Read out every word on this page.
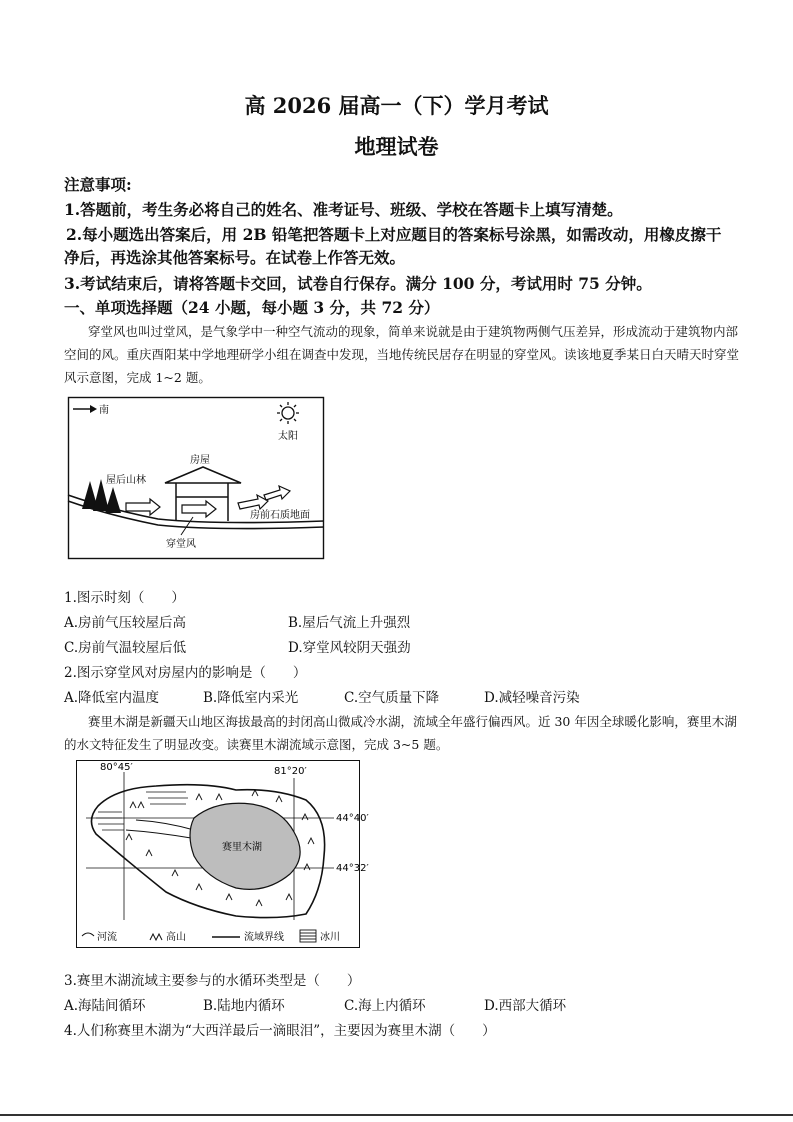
高 2026 届高一（下）学月考试
地理试卷
注意事项:
1.答题前，考生务必将自己的姓名、准考证号、班级、学校在答题卡上填写清楚。
2.每小题选出答案后，用 2B 铅笔把答题卡上对应题目的答案标号涂黑，如需改动，用橡皮擦干
净后，再选涂其他答案标号。在试卷上作答无效。
3.考试结束后，请将答题卡交回，试卷自行保存。满分 100 分，考试用时 75 分钟。
一、单项选择题（24 小题，每小题 3 分，共 72 分）
穿堂风也叫过堂风，是气象学中一种空气流动的现象，简单来说就是由于建筑物两侧气压差异，形成流动于建筑物内部空间的风。重庆酉阳某中学地理研学小组在调查中发现，当地传统民居存在明显的穿堂风。读该地夏季某日白天晴天时穿堂风示意图，完成 1~2 题。
南
太阳
屋后山林
房屋
房前石质地面
穿堂风
1.图示时刻（　　）
A.房前气压较屋后高	B.屋后气流上升强烈
C.房前气温较屋后低	D.穿堂风较阴天强劲
2.图示穿堂风对房屋内的影响是（　　）
A.降低室内温度	B.降低室内采光	C.空气质量下降	D.减轻噪音污染
赛里木湖是新疆天山地区海拔最高的封闭高山微咸冷水湖，流域全年盛行偏西风。近 30 年因全球暖化影响，赛里木湖的水文特征发生了明显改变。读赛里木湖流域示意图，完成 3~5 题。
80°45′	81°20′
44°40′
44°32′
赛里木湖
河流	高山	流域界线	冰川
3.赛里木湖流域主要参与的水循环类型是（　　）
A.海陆间循环	B.陆地内循环	C.海上内循环	D.西部大循环
4.人们称赛里木湖为“大西洋最后一滴眼泪”，主要因为赛里木湖（　　）
